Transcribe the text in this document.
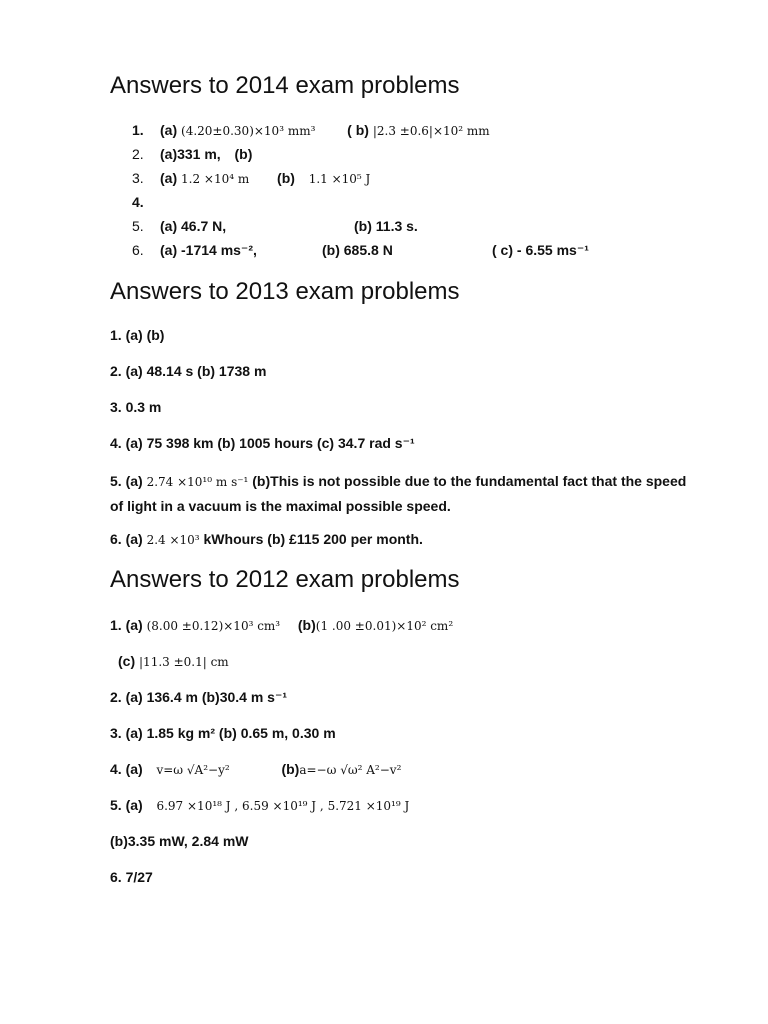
Answers to 2014 exam problems
1. (a) (4.20±0.30)×10³ mm³ ( b) |2.3 ±0.6|×10² mm
2. (a)331 m, (b)
3. (a) 1.2 ×10⁴ m (b) 1.1 ×10⁵ J
4.
5. (a) 46.7 N,	(b) 11.3 s.
6. (a) -1714 ms⁻²,	(b) 685.8 N	( c) - 6.55 ms⁻¹
Answers to 2013 exam problems
1. (a) (b)
2. (a) 48.14 s (b) 1738 m
3. 0.3 m
4. (a) 75 398 km (b) 1005 hours (c) 34.7 rad s⁻¹
5. (a) 2.74 ×10¹⁰ m s⁻¹ (b)This is not possible due to the fundamental fact that the speed of light in a vacuum is the maximal possible speed.
6. (a) 2.4 ×10³ kWhours (b) £115 200 per month.
Answers to 2012 exam problems
1. (a) (8.00 ±0.12)×10³ cm³ (b)(1 .00 ±0.01)×10² cm²
(c) |11.3 ±0.1| cm
2. (a) 136.4 m (b)30.4 m s⁻¹
3. (a) 1.85 kg m² (b) 0.65 m, 0.30 m
4. (a) v=ω √A²−y²	(b)a=−ω √ω² A²−v²
5. (a) 6.97 ×10¹⁸ J , 6.59 ×10¹⁹ J , 5.721 ×10¹⁹ J
(b)3.35 mW, 2.84 mW
6. 7/27
